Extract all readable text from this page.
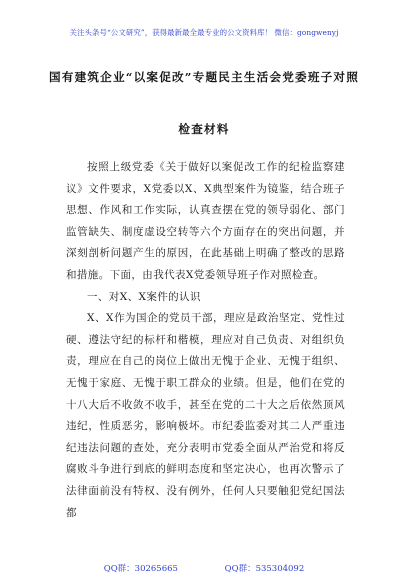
关注头条号“公文研究”，获得最新最全最专业的公文资料库！ 微信：gongwenyj
国有建筑企业“以案促改”专题民主生活会党委班子对照
检查材料

按照上级党委《关于做好以案促改工作的纪检监察建议》文件要求，X党委以X、X典型案件为镜鉴，结合班子思想、作风和工作实际，认真查摆在党的领导弱化、部门监管缺失、制度虚设空转等六个方面存在的突出问题，并深刻剖析问题产生的原因，在此基础上明确了整改的思路和措施。下面，由我代表X党委领导班子作对照检查。

一、对X、X案件的认识

X、X作为国企的党员干部，理应是政治坚定、党性过硬、遵法守纪的标杆和楷模，理应对自己负责、对组织负责，理应在自己的岗位上做出无愧于企业、无愧于组织、无愧于家庭、无愧于职工群众的业绩。但是，他们在党的十八大后不收敛不收手，甚至在党的二十大之后依然顶风违纪，性质恶劣，影响极坏。市纪委监委对其二人严重违纪违法问题的查处，充分表明市党委全面从严治党和将反腐败斗争进行到底的鲜明态度和坚定决心，也再次警示了法律面前没有特权、没有例外，任何人只要触犯党纪国法都

QQ群：30265665	QQ群：535304092
